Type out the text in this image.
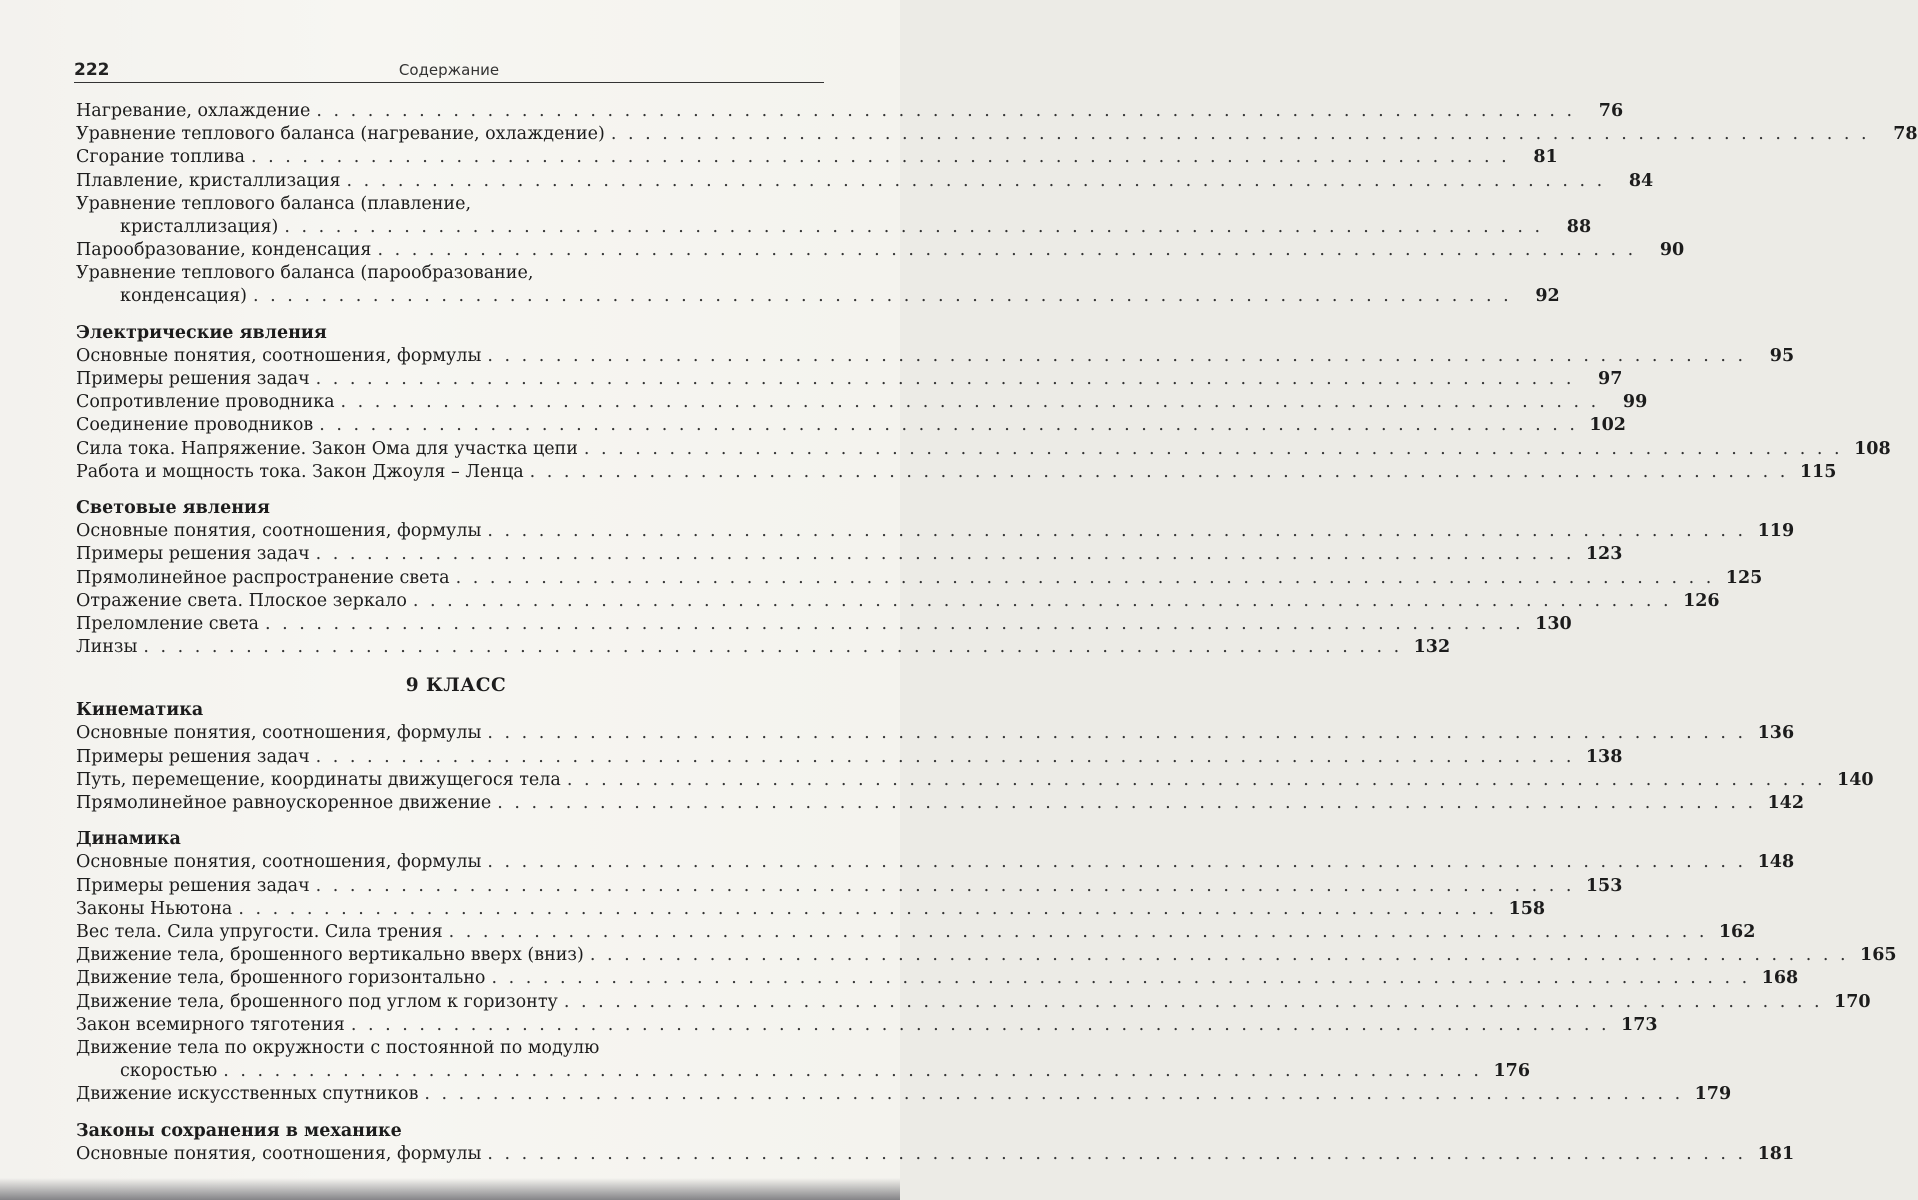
222	Содержание
Нагревание, охлаждение . . .	76
Уравнение теплового баланса (нагревание, охлаждение) . . .	78
Сгорание топлива . . .	81
Плавление, кристаллизация . . .	84
Уравнение теплового баланса (плавление,
кристаллизация) . . .	88
Парообразование, конденсация . . .	90
Уравнение теплового баланса (парообразование,
конденсация) . . .	92
Электрические явления
Основные понятия, соотношения, формулы . . .	95
Примеры решения задач . . .	97
Сопротивление проводника . . .	99
Соединение проводников . . .	102
Сила тока. Напряжение. Закон Ома для участка цепи . . .	108
Работа и мощность тока. Закон Джоуля – Ленца . . .	115
Световые явления
Основные понятия, соотношения, формулы . . .	119
Примеры решения задач . . .	123
Прямолинейное распространение света . . .	125
Отражение света. Плоское зеркало . . .	126
Преломление света . . .	130
Линзы . . .	132
9 КЛАСС
Кинематика
Основные понятия, соотношения, формулы . . .	136
Примеры решения задач . . .	138
Путь, перемещение, координаты движущегося тела . . .	140
Прямолинейное равноускоренное движение . . .	142
Динамика
Основные понятия, соотношения, формулы . . .	148
Примеры решения задач . . .	153
Законы Ньютона . . .	158
Вес тела. Сила упругости. Сила трения . . .	162
Движение тела, брошенного вертикально вверх (вниз) . . .	165
Движение тела, брошенного горизонтально . . .	168
Движение тела, брошенного под углом к горизонту . . .	170
Закон всемирного тяготения . . .	173
Движение тела по окружности с постоянной по модулю
скоростью . . .	176
Движение искусственных спутников . . .	179
Законы сохранения в механике
Основные понятия, соотношения, формулы . . .	181
